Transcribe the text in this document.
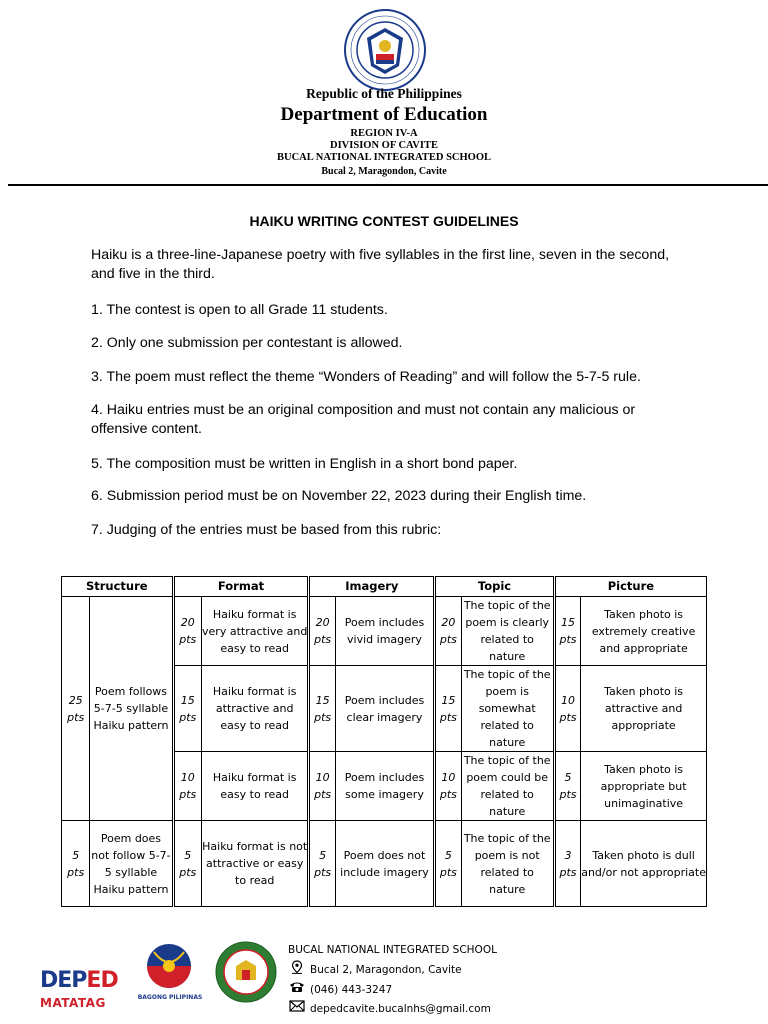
Republic of the Philippines
Department of Education
REGION IV-A
DIVISION OF CAVITE
BUCAL NATIONAL INTEGRATED SCHOOL
Bucal 2, Maragondon, Cavite
HAIKU WRITING CONTEST GUIDELINES
Haiku is a three-line-Japanese poetry with five syllables in the first line, seven in the second, and five in the third.
1. The contest is open to all Grade 11 students.
2. Only one submission per contestant is allowed.
3. The poem must reflect the theme “Wonders of Reading” and will follow the 5-7-5 rule.
4. Haiku entries must be an original composition and must not contain any malicious or offensive content.
5. The composition must be written in English in a short bond paper.
6. Submission period must be on November 22, 2023 during their English time.
7. Judging of the entries must be based from this rubric:
Structure		Format		Imagery		Topic		Picture	
25 pts	Poem follows 5-7-5 syllable Haiku pattern	20 pts	Haiku format is very attractive and easy to read	20 pts	Poem includes vivid imagery	20 pts	The topic of the poem is clearly related to nature	15 pts	Taken photo is extremely creative and appropriate
		15 pts	Haiku format is attractive and easy to read	15 pts	Poem includes clear imagery	15 pts	The topic of the poem is somewhat related to nature	10 pts	Taken photo is attractive and appropriate
		10 pts	Haiku format is easy to read	10 pts	Poem includes some imagery	10 pts	The topic of the poem could be related to nature	5 pts	Taken photo is appropriate but unimaginative
5 pts	Poem does not follow 5-7-5 syllable Haiku pattern	5 pts	Haiku format is not attractive or easy to read	5 pts	Poem does not include imagery	5 pts	The topic of the poem is not related to nature	3 pts	Taken photo is dull and/or not appropriate
DEPED
MATATAG	BAGONG PILIPINAS
BUCAL NATIONAL INTEGRATED SCHOOL
Bucal 2, Maragondon, Cavite
(046) 443-3247
depedcavite.bucalnhs@gmail.com
